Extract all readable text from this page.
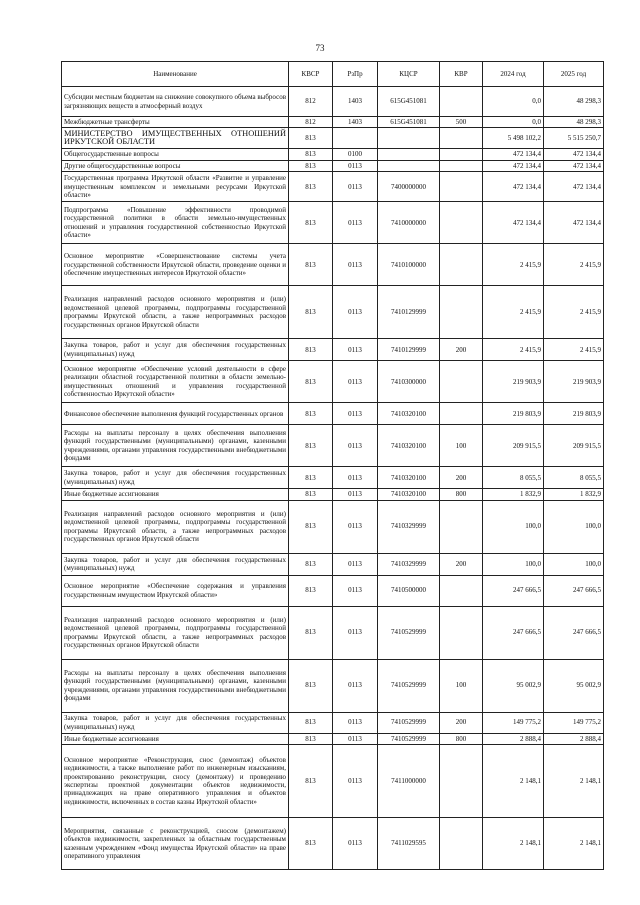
73
Наименование	КВСР	РзПр	КЦСР	КВР	2024 год	2025 год
Субсидии местным бюджетам на снижение совокупного объема выбросов загрязняющих веществ в атмосферный воздух	812	1403	615G451081		0,0	48 298,3
Межбюджетные трансферты	812	1403	615G451081	500	0,0	48 298,3
МИНИСТЕРСТВО ИМУЩЕСТВЕННЫХ ОТНОШЕНИЙ ИРКУТСКОЙ ОБЛАСТИ	813				5 498 102,2	5 515 250,7
Общегосударственные вопросы	813	0100			472 134,4	472 134,4
Другие общегосударственные вопросы	813	0113			472 134,4	472 134,4
Государственная программа Иркутской области «Развитие и управление имущественным комплексом и земельными ресурсами Иркутской области»	813	0113	7400000000		472 134,4	472 134,4
Подпрограмма «Повышение эффективности проводимой государственной политики в области земельно-имущественных отношений и управления государственной собственностью Иркутской области»	813	0113	7410000000		472 134,4	472 134,4
Основное мероприятие «Совершенствование системы учета государственной собственности Иркутской области, проведение оценки и обеспечение имущественных интересов Иркутской области»	813	0113	7410100000		2 415,9	2 415,9
Реализация направлений расходов основного мероприятия и (или) ведомственной целевой программы, подпрограммы государственной программы Иркутской области, а также непрограммных расходов государственных органов Иркутской области	813	0113	7410129999		2 415,9	2 415,9
Закупка товаров, работ и услуг для обеспечения государственных (муниципальных) нужд	813	0113	7410129999	200	2 415,9	2 415,9
Основное мероприятие «Обеспечение условий деятельности в сфере реализации областной государственной политики в области земельно-имущественных отношений и управления государственной собственностью Иркутской области»	813	0113	7410300000		219 903,9	219 903,9
Финансовое обеспечение выполнения функций государственных органов	813	0113	7410320100		219 803,9	219 803,9
Расходы на выплаты персоналу в целях обеспечения выполнения функций государственными (муниципальными) органами, казенными учреждениями, органами управления государственными внебюджетными фондами	813	0113	7410320100	100	209 915,5	209 915,5
Закупка товаров, работ и услуг для обеспечения государственных (муниципальных) нужд	813	0113	7410320100	200	8 055,5	8 055,5
Иные бюджетные ассигнования	813	0113	7410320100	800	1 832,9	1 832,9
Реализация направлений расходов основного мероприятия и (или) ведомственной целевой программы, подпрограммы государственной программы Иркутской области, а также непрограммных расходов государственных органов Иркутской области	813	0113	7410329999		100,0	100,0
Закупка товаров, работ и услуг для обеспечения государственных (муниципальных) нужд	813	0113	7410329999	200	100,0	100,0
Основное мероприятие «Обеспечение содержания и управления государственным имуществом Иркутской области»	813	0113	7410500000		247 666,5	247 666,5
Реализация направлений расходов основного мероприятия и (или) ведомственной целевой программы, подпрограммы государственной программы Иркутской области, а также непрограммных расходов государственных органов Иркутской области	813	0113	7410529999		247 666,5	247 666,5
Расходы на выплаты персоналу в целях обеспечения выполнения функций государственными (муниципальными) органами, казенными учреждениями, органами управления государственными внебюджетными фондами	813	0113	7410529999	100	95 002,9	95 002,9
Закупка товаров, работ и услуг для обеспечения государственных (муниципальных) нужд	813	0113	7410529999	200	149 775,2	149 775,2
Иные бюджетные ассигнования	813	0113	7410529999	800	2 888,4	2 888,4
Основное мероприятие «Реконструкция, снос (демонтаж) объектов недвижимости, а также выполнение работ по инженерным изысканиям, проектированию реконструкции, сносу (демонтажу) и проведению экспертизы проектной документации объектов недвижимости, принадлежащих на праве оперативного управления и объектов недвижимости, включенных в состав казны Иркутской области»	813	0113	7411000000		2 148,1	2 148,1
Мероприятия, связанные с реконструкцией, сносом (демонтажем) объектов недвижимости, закрепленных за областным государственным казенным учреждением «Фонд имущества Иркутской области» на праве оперативного управления	813	0113	7411029595		2 148,1	2 148,1
